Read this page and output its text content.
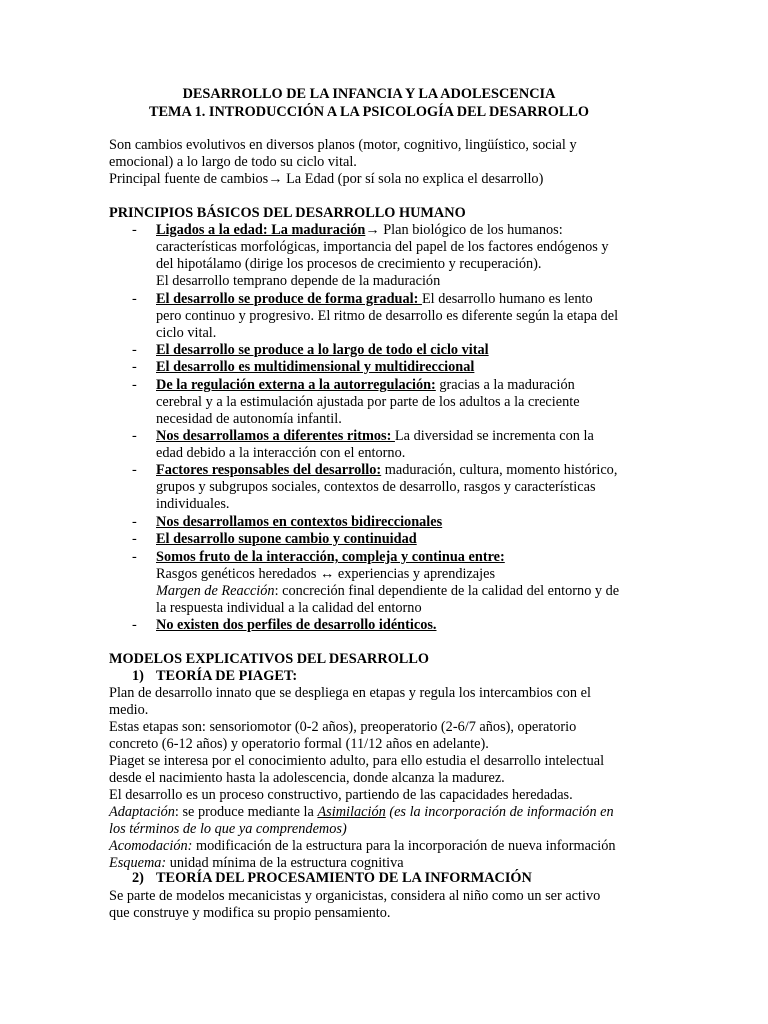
DESARROLLO DE LA INFANCIA Y LA ADOLESCENCIA
TEMA 1. INTRODUCCIÓN A LA PSICOLOGÍA DEL DESARROLLO
Son cambios evolutivos en diversos planos (motor, cognitivo, lingüístico, social y
emocional) a lo largo de todo su ciclo vital.
Principal fuente de cambios→ La Edad (por sí sola no explica el desarrollo)
PRINCIPIOS BÁSICOS DEL DESARROLLO HUMANO
- Ligados a la edad: La maduración→ Plan biológico de los humanos:
características morfológicas, importancia del papel de los factores endógenos y
del hipotálamo (dirige los procesos de crecimiento y recuperación).
El desarrollo temprano depende de la maduración
- El desarrollo se produce de forma gradual: El desarrollo humano es lento
pero continuo y progresivo. El ritmo de desarrollo es diferente según la etapa del
ciclo vital.
- El desarrollo se produce a lo largo de todo el ciclo vital
- El desarrollo es multidimensional y multidireccional
- De la regulación externa a la autorregulación: gracias a la maduración
cerebral y a la estimulación ajustada por parte de los adultos a la creciente
necesidad de autonomía infantil.
- Nos desarrollamos a diferentes ritmos: La diversidad se incrementa con la
edad debido a la interacción con el entorno.
- Factores responsables del desarrollo: maduración, cultura, momento histórico,
grupos y subgrupos sociales, contextos de desarrollo, rasgos y características
individuales.
- Nos desarrollamos en contextos bidireccionales
- El desarrollo supone cambio y continuidad
- Somos fruto de la interacción, compleja y continua entre:
Rasgos genéticos heredados ↔ experiencias y aprendizajes
Margen de Reacción: concreción final dependiente de la calidad del entorno y de
la respuesta individual a la calidad del entorno
- No existen dos perfiles de desarrollo idénticos.
MODELOS EXPLICATIVOS DEL DESARROLLO
1) TEORÍA DE PIAGET:
Plan de desarrollo innato que se despliega en etapas y regula los intercambios con el
medio.
Estas etapas son: sensoriomotor (0-2 años), preoperatorio (2-6/7 años), operatorio
concreto (6-12 años) y operatorio formal (11/12 años en adelante).
Piaget se interesa por el conocimiento adulto, para ello estudia el desarrollo intelectual
desde el nacimiento hasta la adolescencia, donde alcanza la madurez.
El desarrollo es un proceso constructivo, partiendo de las capacidades heredadas.
Adaptación: se produce mediante la Asimilación (es la incorporación de información en
los términos de lo que ya comprendemos)
Acomodación: modificación de la estructura para la incorporación de nueva información
Esquema: unidad mínima de la estructura cognitiva
2) TEORÍA DEL PROCESAMIENTO DE LA INFORMACIÓN
Se parte de modelos mecanicistas y organicistas, considera al niño como un ser activo
que construye y modifica su propio pensamiento.
